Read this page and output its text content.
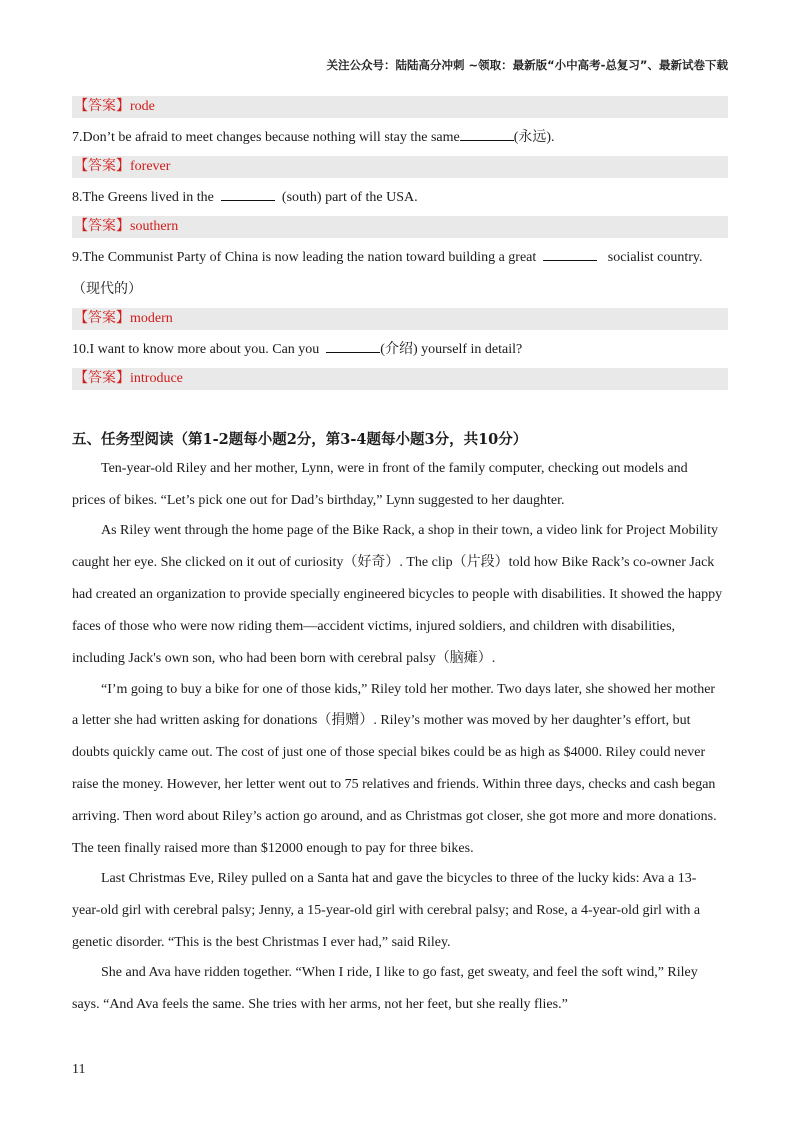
关注公众号：陆陆高分冲刺 ~领取：最新版“小中高考-总复习”、最新试卷下载
【答案】rode
7.Don’t be afraid to meet changes because nothing will stay the same	(永远).
【答案】forever
8.The Greens lived in the	(south) part of the USA.
【答案】southern
9.The Communist Party of China is now leading the nation toward building a great	socialist country.
（现代的）
【答案】modern
10.I want to know more about you. Can you	(介绍) yourself in detail?
【答案】introduce
五、任务型阅读（第1-2题每小题2分，第3-4题每小题3分，共10分）
Ten-year-old Riley and her mother, Lynn, were in front of the family computer, checking out models and
prices of bikes. “Let’s pick one out for Dad’s birthday,” Lynn suggested to her daughter.
As Riley went through the home page of the Bike Rack, a shop in their town, a video link for Project Mobility
caught her eye. She clicked on it out of curiosity（好奇）. The clip（片段）told how Bike Rack’s co-owner Jack
had created an organization to provide specially engineered bicycles to people with disabilities. It showed the happy
faces of those who were now riding them—accident victims, injured soldiers, and children with disabilities,
including Jack's own son, who had been born with cerebral palsy（脑瘫）.
“I’m going to buy a bike for one of those kids,” Riley told her mother. Two days later, she showed her mother
a letter she had written asking for donations（捐赠）. Riley’s mother was moved by her daughter’s effort, but
doubts quickly came out. The cost of just one of those special bikes could be as high as $4000. Riley could never
raise the money. However, her letter went out to 75 relatives and friends. Within three days, checks and cash began
arriving. Then word about Riley’s action go around, and as Christmas got closer, she got more and more donations.
The teen finally raised more than $12000 enough to pay for three bikes.
Last Christmas Eve, Riley pulled on a Santa hat and gave the bicycles to three of the lucky kids: Ava a 13-
year-old girl with cerebral palsy; Jenny, a 15-year-old girl with cerebral palsy; and Rose, a 4-year-old girl with a
genetic disorder. “This is the best Christmas I ever had,” said Riley.
She and Ava have ridden together. “When I ride, I like to go fast, get sweaty, and feel the soft wind,” Riley
says. “And Ava feels the same. She tries with her arms, not her feet, but she really flies.”
11
